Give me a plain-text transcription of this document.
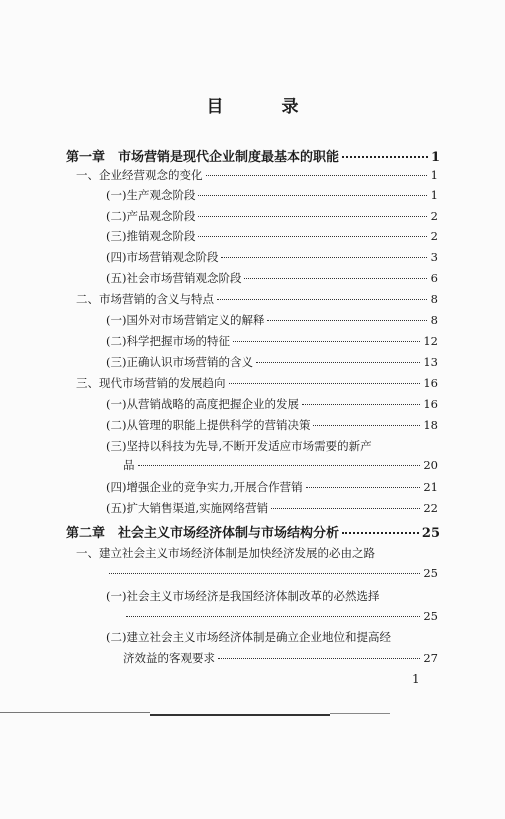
目 录
第一章　市场营销是现代企业制度最基本的职能	1
一、企业经营观念的变化	1
(一)生产观念阶段	1
(二)产品观念阶段	2
(三)推销观念阶段	2
(四)市场营销观念阶段	3
(五)社会市场营销观念阶段	6
二、市场营销的含义与特点	8
(一)国外对市场营销定义的解释	8
(二)科学把握市场的特征	12
(三)正确认识市场营销的含义	13
三、现代市场营销的发展趋向	16
(一)从营销战略的高度把握企业的发展	16
(二)从管理的职能上提供科学的营销决策	18
(三)坚持以科技为先导,不断开发适应市场需要的新产
品	20
(四)增强企业的竞争实力,开展合作营销	21
(五)扩大销售渠道,实施网络营销	22
第二章　社会主义市场经济体制与市场结构分析	25
一、建立社会主义市场经济体制是加快经济发展的必由之路
25
(一)社会主义市场经济是我国经济体制改革的必然选择
25
(二)建立社会主义市场经济体制是确立企业地位和提高经
济效益的客观要求	27
1
